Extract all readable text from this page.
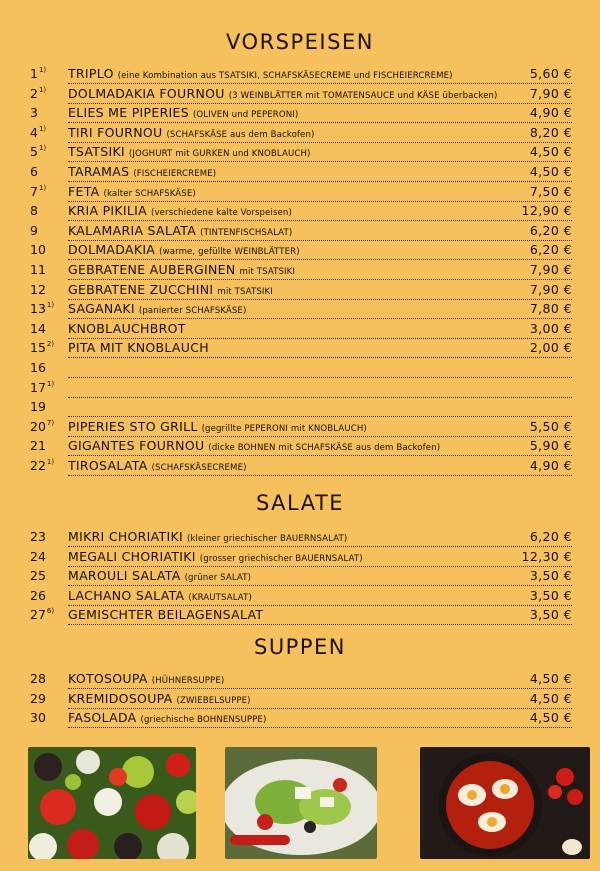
VORSPEISEN
SALATE
SUPPEN
1$^{1)}$ TRIPLO (eine Kombination aus TSATSIKI, SCHAFSKÄSECREME und FISCHEIERCREME)	5,60 €
2$^{1)}$ DOLMADAKIA FOURNOU (3 WEINBLÄTTER mit TOMATENSAUCE und KÄSE überbacken)	7,90 €
3 ELIES ME PIPERIES (OLIVEN und PEPERONI)	4,90 €
4$^{1)}$ TIRI FOURNOU (SCHAFSKÄSE aus dem Backofen)	8,20 €
5$^{1)}$ TSATSIKI (JOGHURT mit GURKEN und KNOBLAUCH)	4,50 €
6 TARAMAS (FISCHEIERCREME)	4,50 €
7$^{1)}$ FETA (kalter SCHAFSKÄSE)	7,50 €
8 KRIA PIKILIA (verschiedene kalte Vorspeisen)	12,90 €
9 KALAMARIA SALATA (TINTENFISCHSALAT)	6,20 €
10 DOLMADAKIA (warme, gefüllte WEINBLÄTTER)	6,20 €
11 GEBRATENE AUBERGINEN mit TSATSIKI	7,90 €
12 GEBRATENE ZUCCHINI mit TSATSIKI	7,90 €
13$^{1)}$ SAGANAKI (panierter SCHAFSKÄSE)	7,80 €
14 KNOBLAUCHBROT	3,00 €
15$^{2)}$ PITA MIT KNOBLAUCH	2,00 €
16
17$^{1)}$
19
20$^{7)}$ PIPERIES STO GRILL (gegrillte PEPERONI mit KNOBLAUCH)	5,50 €
21 GIGANTES FOURNOU (dicke BOHNEN mit SCHAFSKÄSE aus dem Backofen)	5,90 €
22$^{1)}$ TIROSALATA (SCHAFSKÄSECREME)	4,90 €
23 MIKRI CHORIATIKI (kleiner griechischer BAUERNSALAT)	6,20 €
24 MEGALI CHORIATIKI (grosser griechischer BAUERNSALAT)	12,30 €
25 MAROULI SALATA (grüner SALAT)	3,50 €
26 LACHANO SALATA (KRAUTSALAT)	3,50 €
27$^{6)}$ GEMISCHTER BEILAGENSALAT	3,50 €
28 KOTOSOUPA (HÜHNERSUPPE)	4,50 €
29 KREMIDOSOUPA (ZWIEBELSUPPE)	4,50 €
30 FASOLADA (griechische BOHNENSUPPE)	4,50 €
